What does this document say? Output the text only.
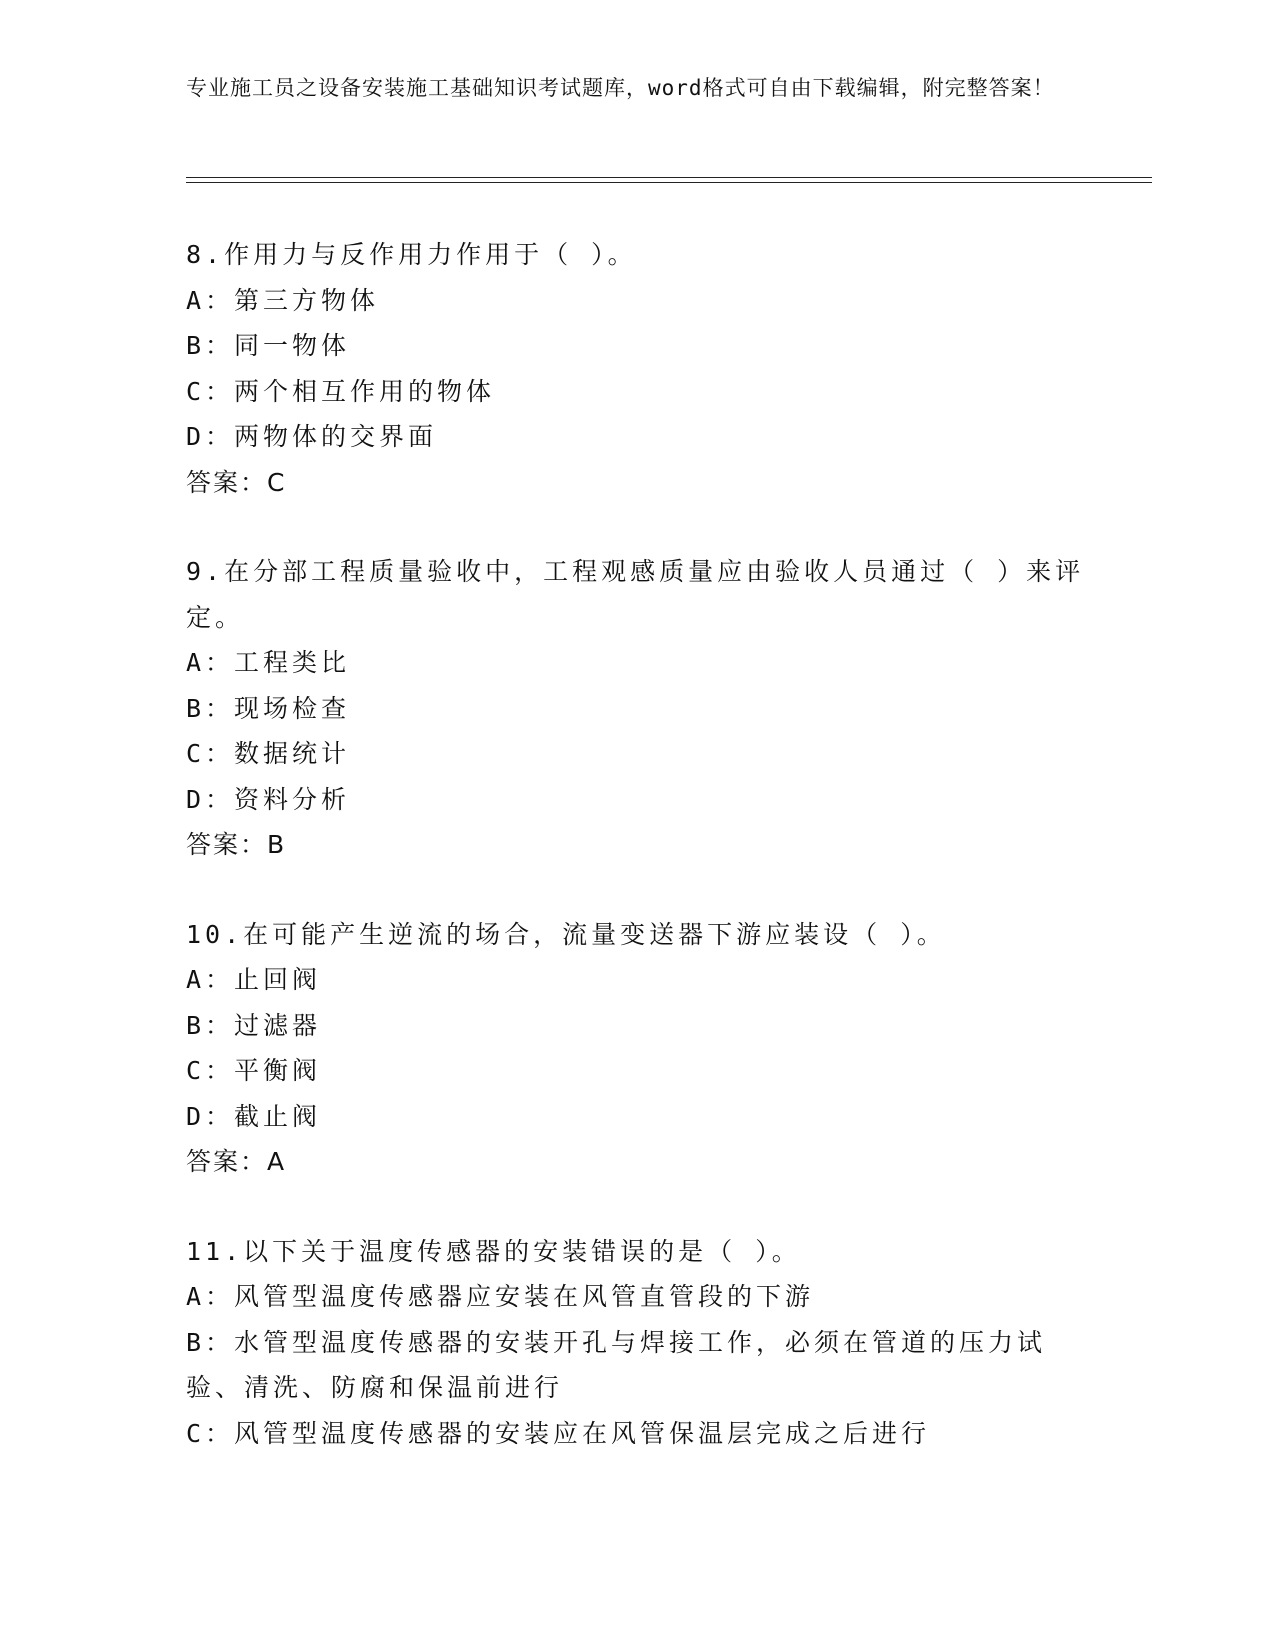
专业施工员之设备安装施工基础知识考试题库，word格式可自由下载编辑，附完整答案！
8.作用力与反作用力作用于（ ）。
A：第三方物体
B：同一物体
C：两个相互作用的物体
D：两物体的交界面
答案：C
9.在分部工程质量验收中，工程观感质量应由验收人员通过（ ）来评定。
A：工程类比
B：现场检查
C：数据统计
D：资料分析
答案：B
10.在可能产生逆流的场合，流量变送器下游应装设（ ）。
A：止回阀
B：过滤器
C：平衡阀
D：截止阀
答案：A
11.以下关于温度传感器的安装错误的是（ ）。
A：风管型温度传感器应安装在风管直管段的下游
B：水管型温度传感器的安装开孔与焊接工作，必须在管道的压力试验、清洗、防腐和保温前进行
C：风管型温度传感器的安装应在风管保温层完成之后进行
